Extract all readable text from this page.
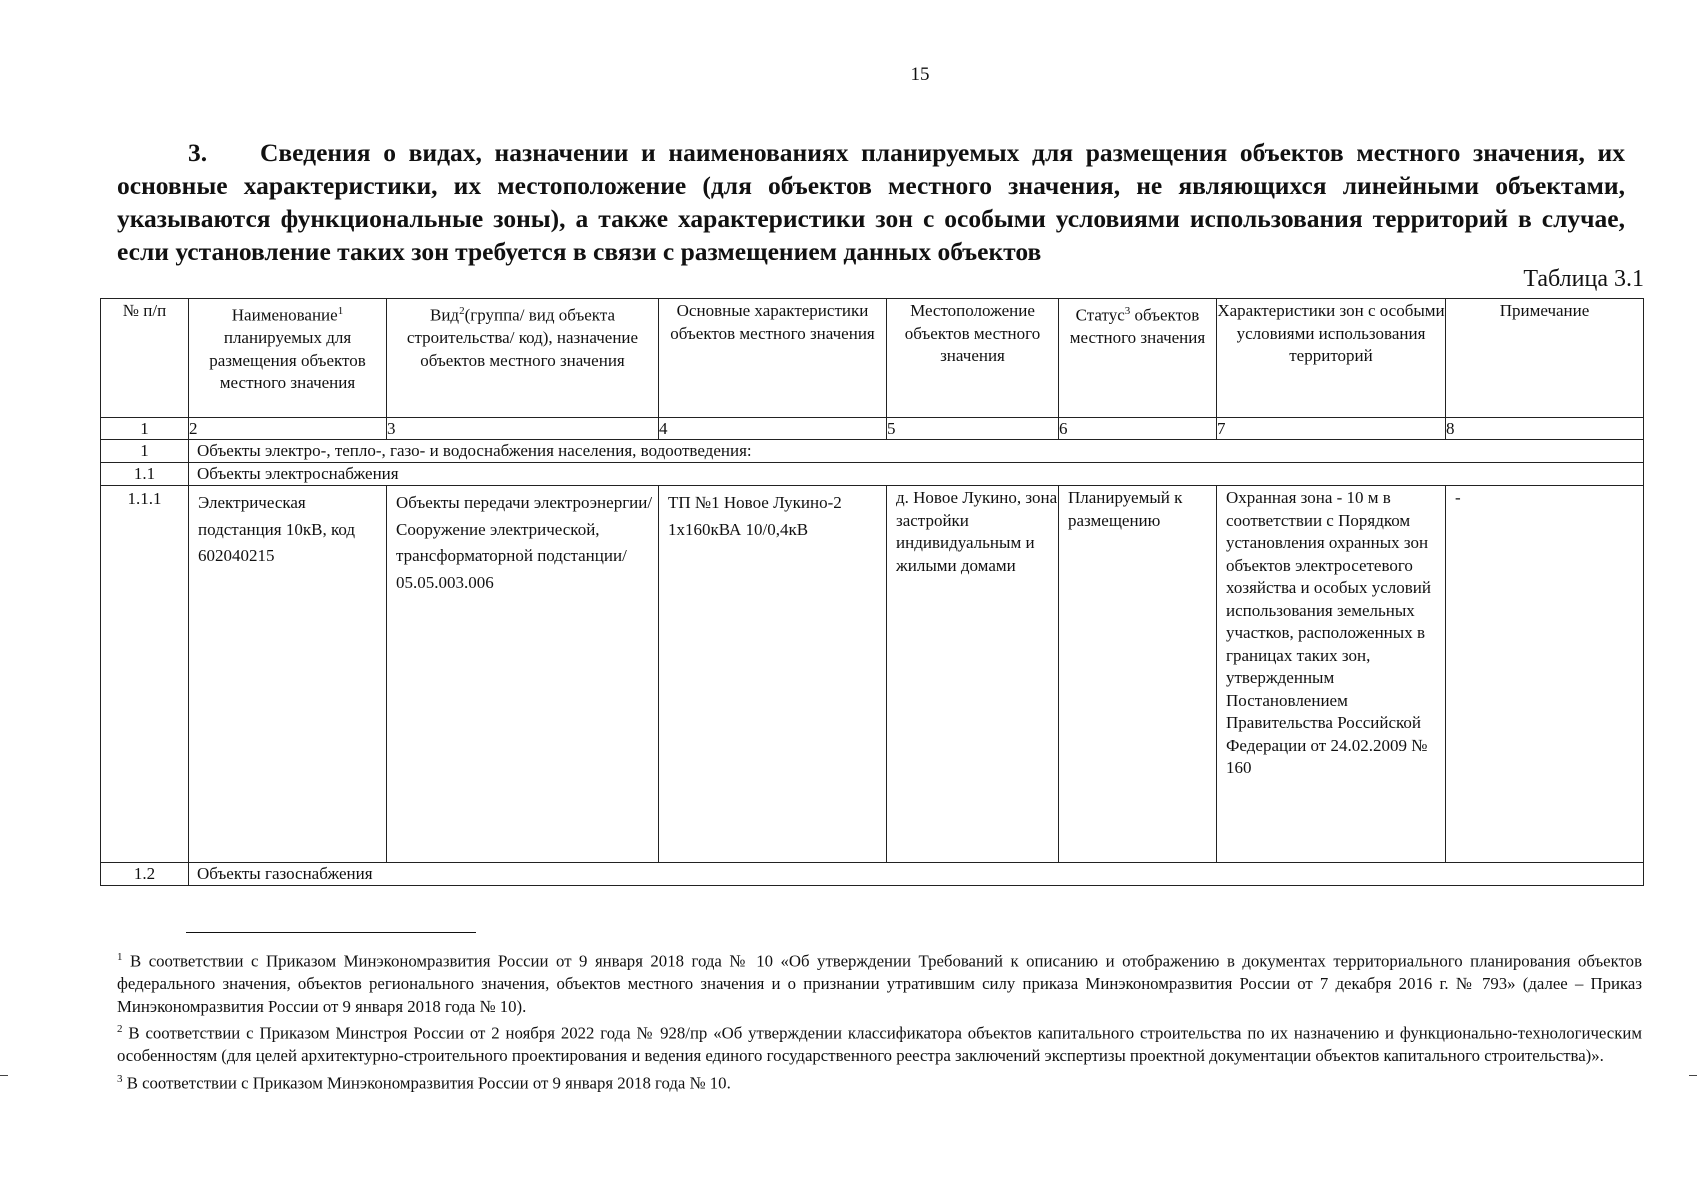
15
3. Сведения о видах, назначении и наименованиях планируемых для размещения объектов местного значения, их основные характеристики, их местоположение (для объектов местного значения, не являющихся линейными объектами, указываются функциональные зоны), а также характеристики зон с особыми условиями использования территорий в случае, если установление таких зон требуется в связи с размещением данных объектов
Таблица 3.1
№ п/п	Наименование$^1$ планируемых для размещения объектов местного значения	Вид$^2$(группа/ вид объекта строительства/ код), назначение объектов местного значения	Основные характеристики объектов местного значения	Местоположение объектов местного значения	Статус$^3$ объектов местного значения	Характеристики зон с особыми условиями использования территорий	Примечание
1	2	3	4	5	6	7	8
1	Объекты электро-, тепло-, газо- и водоснабжения населения, водоотведения:						
1.1	Объекты электроснабжения						
1.1.1	Электрическая подстанция 10кВ, код 602040215	Объекты передачи электроэнергии/ Сооружение электрической, трансформаторной подстанции/ 05.05.003.006	ТП №1 Новое Лукино-2 1x160кВА 10/0,4кВ	д. Новое Лукино, зона застройки индивидуальным и жилыми домами	Планируемый к размещению	Охранная зона - 10 м в соответствии с Порядком установления охранных зон объектов электросетевого хозяйства и особых условий использования земельных участков, расположенных в границах таких зон, утвержденным Постановлением Правительства Российской Федерации от 24.02.2009 № 160	-
1.2	Объекты газоснабжения						

$^1$ В соответствии с Приказом Минэкономразвития России от 9 января 2018 года № 10 «Об утверждении Требований к описанию и отображению в документах территориального планирования объектов федерального значения, объектов регионального значения, объектов местного значения и о признании утратившим силу приказа Минэкономразвития России от 7 декабря 2016 г. № 793» (далее – Приказ Минэкономразвития России от 9 января 2018 года № 10).

$^2$ В соответствии с Приказом Минстроя России от 2 ноября 2022 года № 928/пр «Об утверждении классификатора объектов капитального строительства по их назначению и функционально-технологическим особенностям (для целей архитектурно-строительного проектирования и ведения единого государственного реестра заключений экспертизы проектной документации объектов капитального строительства)».

$^3$ В соответствии с Приказом Минэкономразвития России от 9 января 2018 года № 10.
